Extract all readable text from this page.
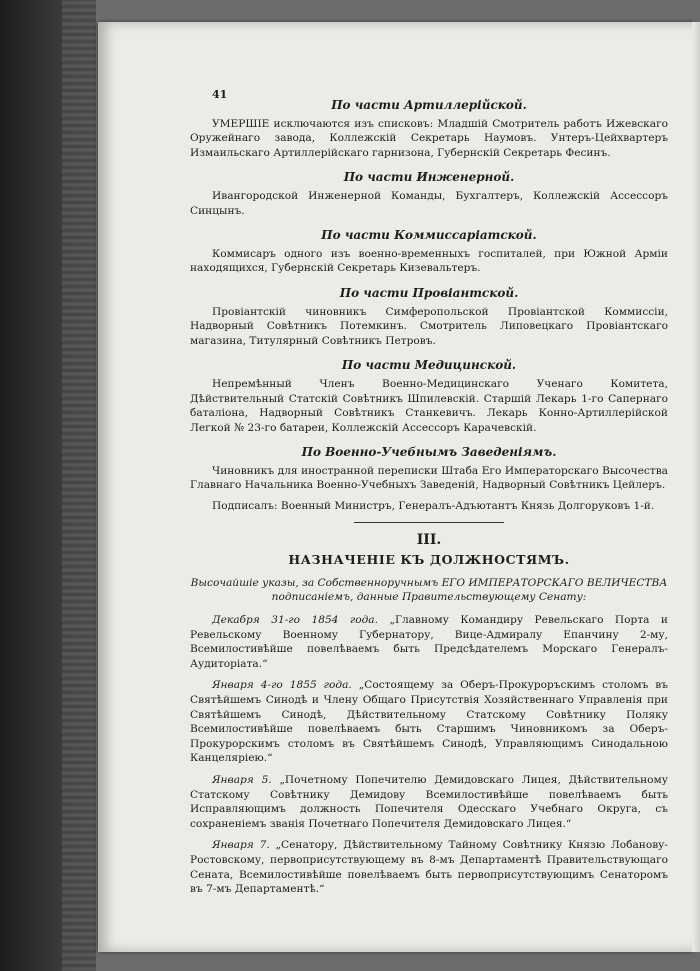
По части Артиллерійской.

УМЕРШІЕ исключаются изъ списковъ: Младшій Смотритель работъ Ижевскаго Оружейнаго завода, Коллежскій Секретарь Наумовъ. Унтеръ-Цейхвартеръ Измаильскаго Артиллерійскаго гарнизона, Губернскій Секретарь Фесинъ.

По части Инженерной.

Ивангородской Инженерной Команды, Бухгалтеръ, Коллежскій Ассессоръ Синцынъ.

По части Коммиссаріатской.

Коммисаръ одного изъ военно-временныхъ госпиталей, при Южной Арміи находящихся, Губернскій Секретарь Кизевальтеръ.

По части Провіантской.

Провіантскій чиновникъ Симферопольской Провіантской Коммиссіи, Надворный Совѣтникъ Потемкинъ. Смотритель Липовецкаго Провіантскаго магазина, Титулярный Совѣтникъ Петровъ.

По части Медицинской.

Непремѣнный Членъ Военно-Медицинскаго Ученаго Комитета, Дѣйствительный Статскій Совѣтникъ Шпилевскій. Старшій Лекарь 1-го Сапернаго баталіона, Надворный Совѣтникъ Станкевичъ. Лекарь Конно-Артиллерійской Легкой № 23-го батареи, Коллежскій Ассессоръ Карачевскій.

По Военно-Учебнымъ Заведеніямъ.

Чиновникъ для иностранной переписки Штаба Его Императорскаго Высочества Главнаго Начальника Военно-Учебныхъ Заведеній, Надворный Совѣтникъ Цейлеръ.

Подписалъ: Военный Министръ, Генералъ-Адъютантъ Князь Долгоруковъ 1-й.

III.
НАЗНАЧЕНІЕ КЪ ДОЛЖНОСТЯМЪ.

Высочайшіе указы, за Собственноручнымъ ЕГО ИМПЕРАТОРСКАГО ВЕЛИЧЕСТВА подписаніемъ, данные Правительствующему Сенату:

Декабря 31-го 1854 года. „Главному Командиру Ревельскаго Порта и Ревельскому Военному Губернатору, Вице-Адмиралу Епанчину 2-му, Всемилостивѣйше повелѣваемъ быть Предсѣдателемъ Морскаго Генералъ-Аудиторіата.“

Января 4-го 1855 года. „Состоящему за Оберъ-Прокуроръскимъ столомъ въ Святѣйшемъ Синодѣ и Члену Общаго Присутствія Хозяйственнаго Управленія при Святѣйшемъ Синодѣ, Дѣйствительному Статскому Совѣтнику Поляку Всемилостивѣйше повелѣваемъ быть Старшимъ Чиновникомъ за Оберъ-Прокурорскимъ столомъ въ Святѣйшемъ Синодѣ, Управляющимъ Синодальною Канцеляріею.“

Января 5. „Почетному Попечителю Демидовскаго Лицея, Дѣйствительному Статскому Совѣтнику Демидову Всемилостивѣйше повелѣваемъ быть Исправляющимъ должность Попечителя Одесскаго Учебнаго Округа, съ сохраненіемъ званія Почетнаго Попечителя Демидовскаго Лицея.“

Января 7. „Сенатору, Дѣйствительному Тайному Совѣтнику Князю Лобанову-Ростовскому, первоприсутствующему въ 8-мъ Департаментѣ Правительствующаго Сената, Всемилостивѣйше повелѣваемъ быть первоприсутствующимъ Сенаторомъ въ 7-мъ Департаментѣ.“

41
